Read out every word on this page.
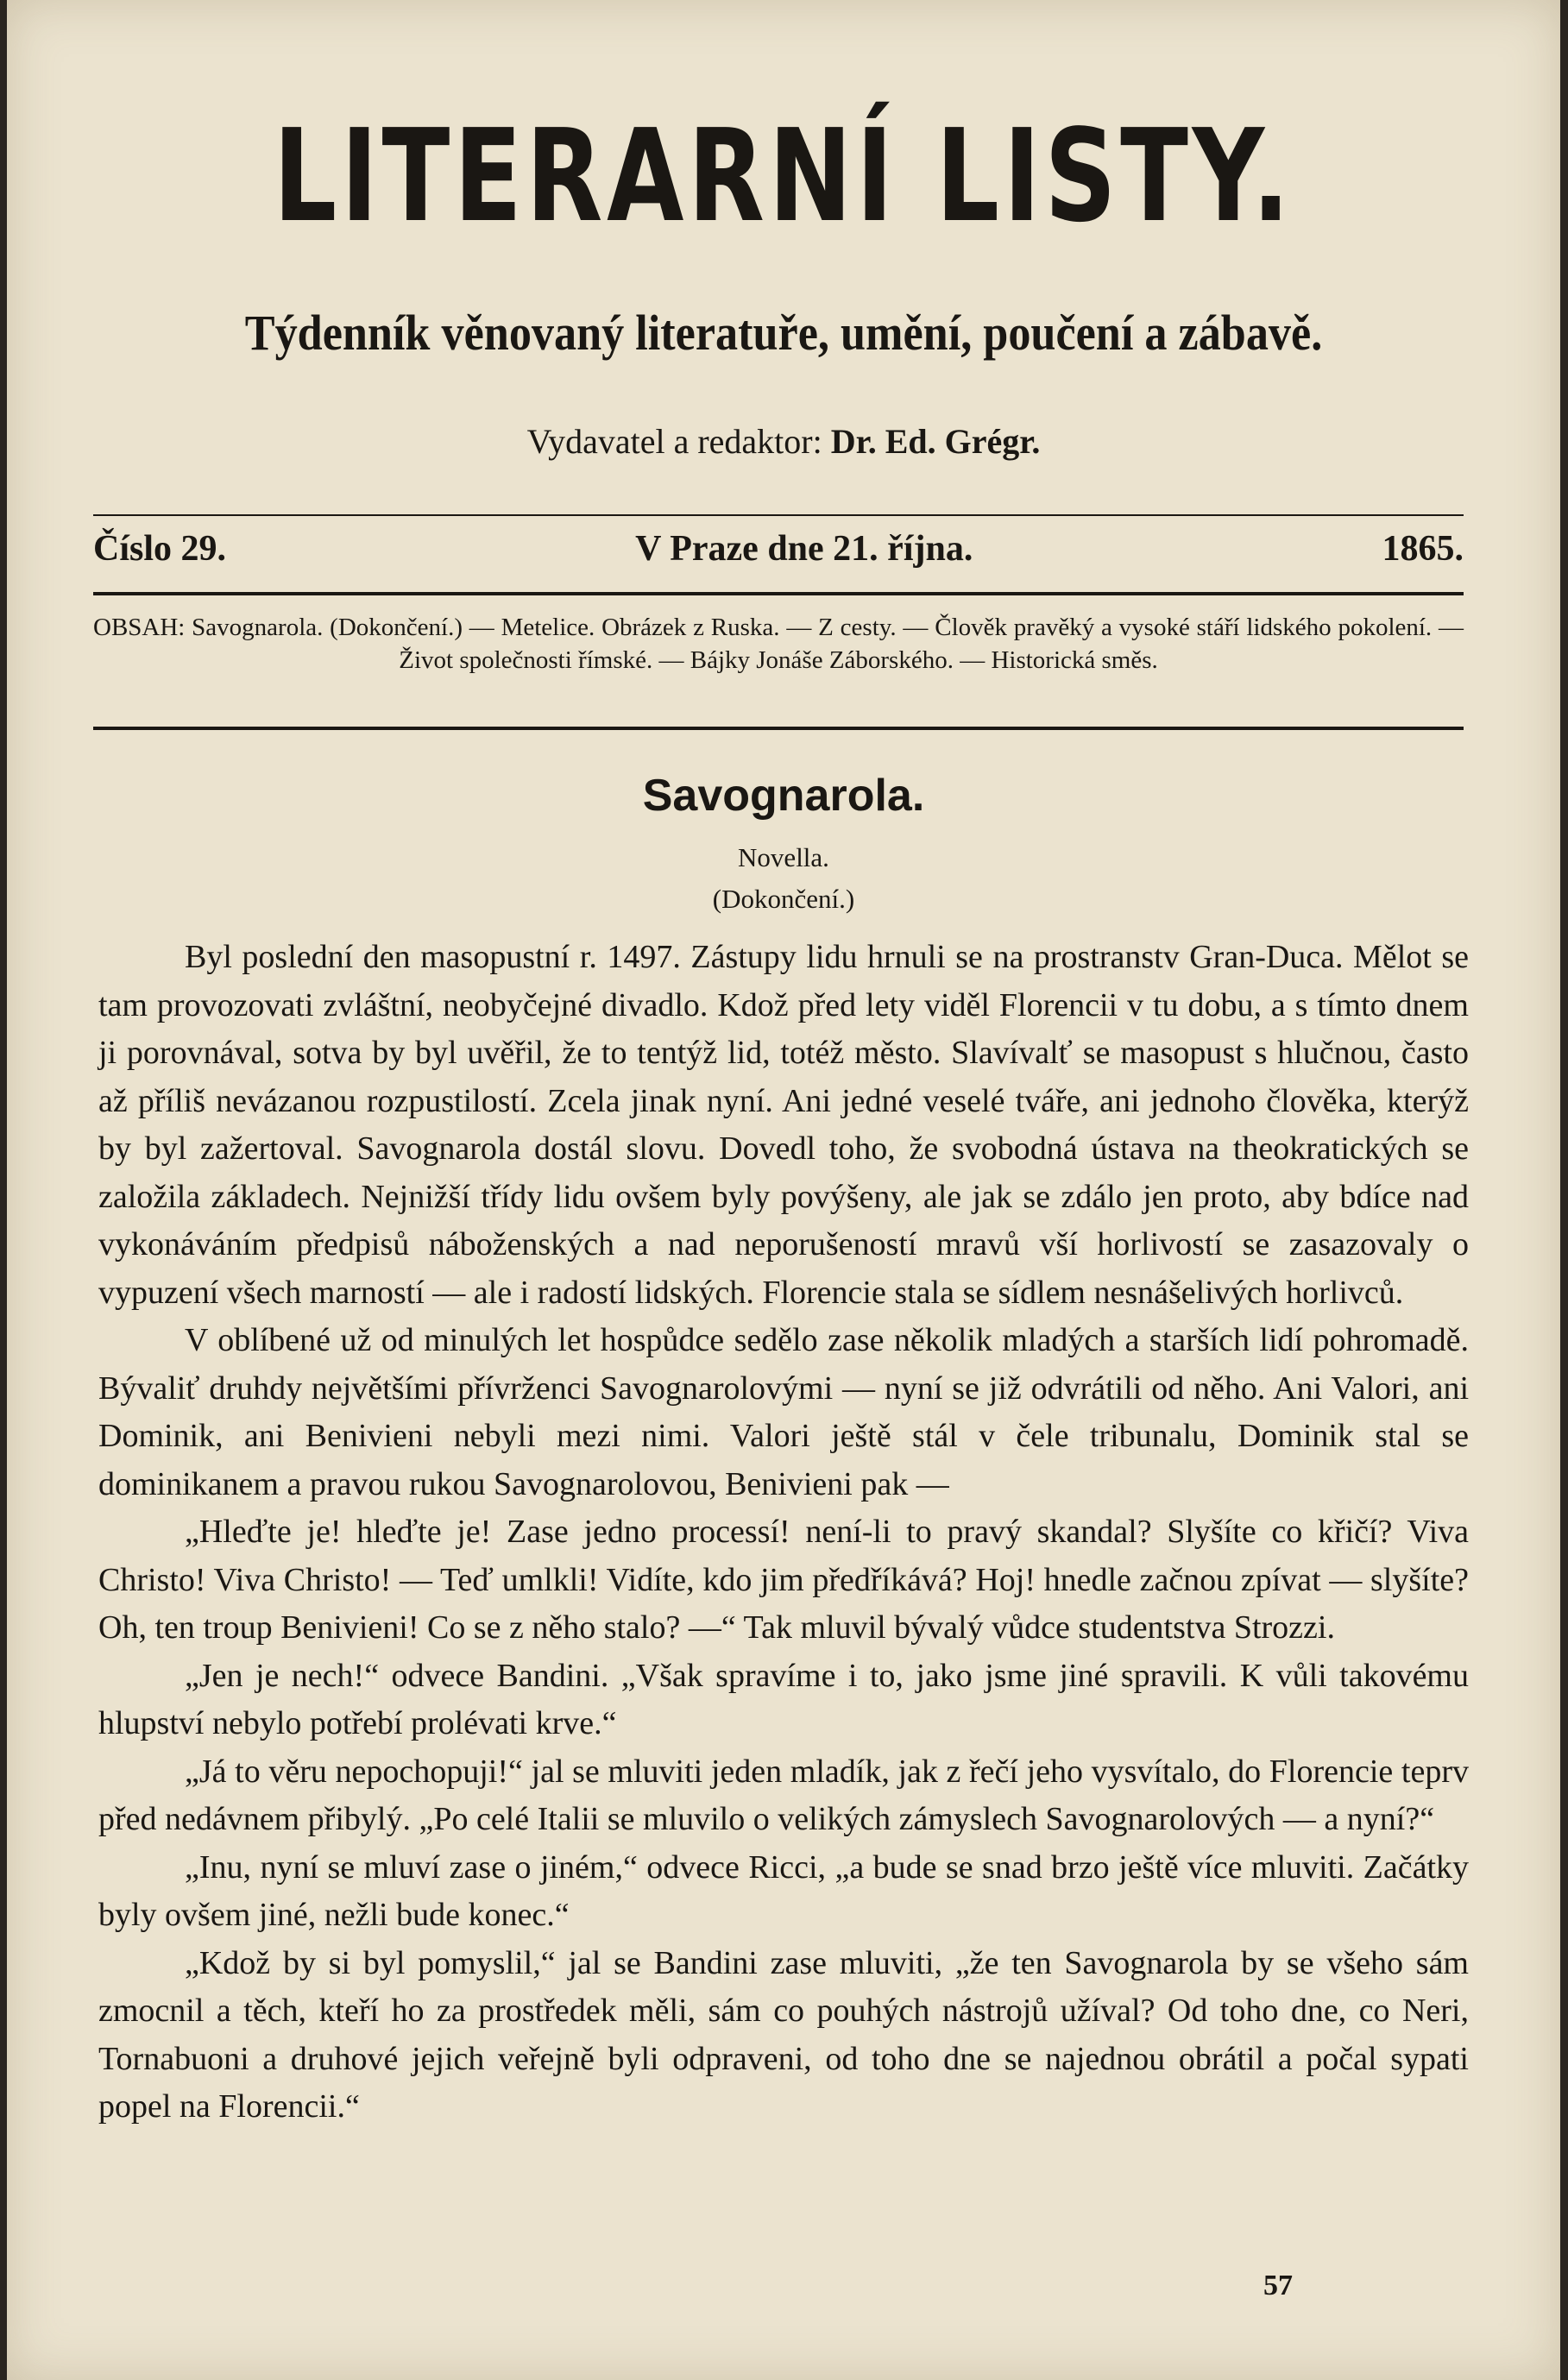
LITERARNÍ LISTY.
Týdenník věnovaný literatuře, umění, poučení a zábavě.
Vydavatel a redaktor: Dr. Ed. Grégr.
Číslo 29.	V Praze dne 21. října.	1865.
OBSAH: Savognarola. (Dokončení.) — Metelice. Obrázek z Ruska. — Z cesty. — Člověk pravěký a vysoké stáří lidského pokolení. — Život společnosti římské. — Bájky Jonáše Záborského. — Historická směs.
Savognarola.
Novella.
(Dokončení.)

Byl poslední den masopustní r. 1497. Zástupy lidu hrnuli se na prostranstv Gran-Duca. Mělot se tam provozovati zvláštní, neobyčejné divadlo. Kdož před lety viděl Florencii v tu dobu, a s tímto dnem ji porovnával, sotva by byl uvěřil, že to tentýž lid, totéž město. Slavívalť se masopust s hlučnou, často až příliš nevázanou rozpustilostí. Zcela jinak nyní. Ani jedné veselé tváře, ani jednoho člověka, kterýž by byl zažertoval. Savognarola dostál slovu. Dovedl toho, že svobodná ústava na theokratických se založila základech. Nejnižší třídy lidu ovšem byly povýšeny, ale jak se zdálo jen proto, aby bdíce nad vykonáváním předpisů náboženských a nad neporušeností mravů vší horlivostí se zasazovaly o vypuzení všech marností — ale i radostí lidských. Florencie stala se sídlem nesnášelivých horlivců.

V oblíbené už od minulých let hospůdce sedělo zase několik mladých a starších lidí pohromadě. Bývaliť druhdy největšími přívrženci Savognarolovými — nyní se již odvrátili od něho. Ani Valori, ani Dominik, ani Benivieni nebyli mezi nimi. Valori ještě stál v čele tribunalu, Dominik stal se dominikanem a pravou rukou Savognarolovou, Benivieni pak —

„Hleďte je! hleďte je! Zase jedno processí! není-li to pravý skandal? Slyšíte co křičí? Viva Christo! Viva Christo! — Teď umlkli! Vidíte, kdo jim předříkává? Hoj! hnedle začnou zpívat — slyšíte? Oh, ten troup Benivieni! Co se z něho stalo? —“ Tak mluvil bývalý vůdce studentstva Strozzi.

„Jen je nech!“ odvece Bandini. „Však spravíme i to, jako jsme jiné spravili. K vůli takovému hlupství nebylo potřebí prolévati krve.“

„Já to věru nepochopuji!“ jal se mluviti jeden mladík, jak z řečí jeho vysvítalo, do Florencie teprv před nedávnem přibylý. „Po celé Italii se mluvilo o velikých zámyslech Savognarolových — a nyní?“

„Inu, nyní se mluví zase o jiném,“ odvece Ricci, „a bude se snad brzo ještě více mluviti. Začátky byly ovšem jiné, nežli bude konec.“

„Kdož by si byl pomyslil,“ jal se Bandini zase mluviti, „že ten Savognarola by se všeho sám zmocnil a těch, kteří ho za prostředek měli, sám co pouhých nástrojů užíval? Od toho dne, co Neri, Tornabuoni a druhové jejich veřejně byli odpraveni, od toho dne se najednou obrátil a počal sypati popel na Florencii.“

57
